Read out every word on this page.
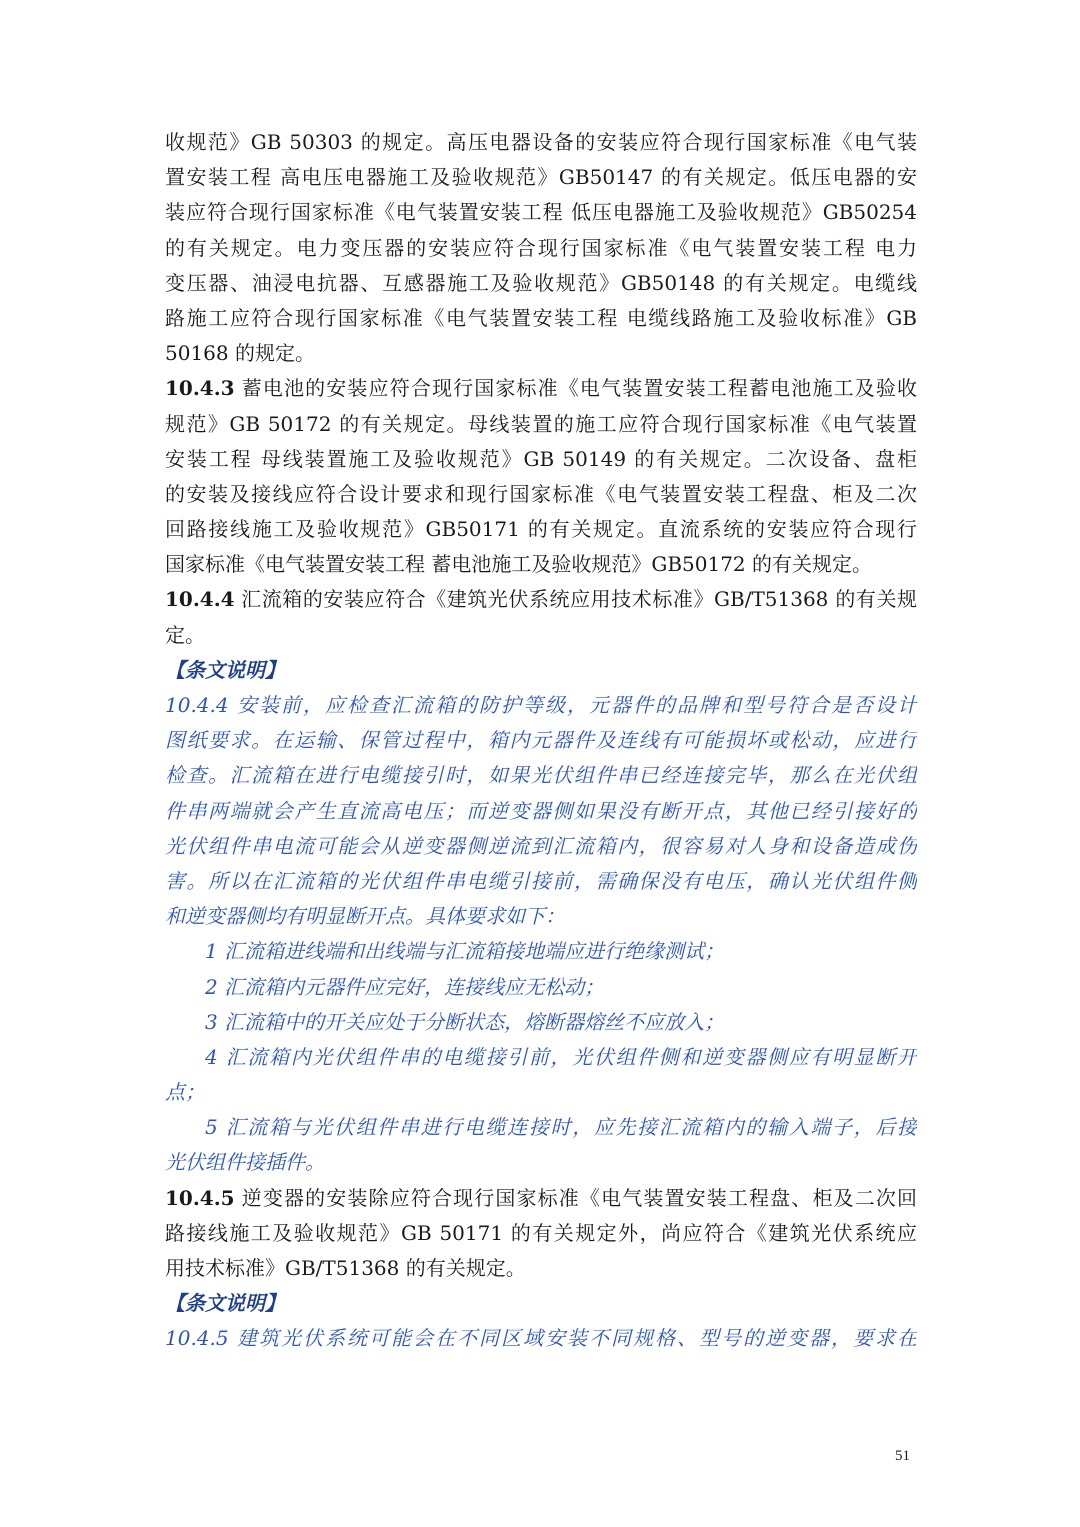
收规范》GB 50303 的规定。高压电器设备的安装应符合现行国家标准《电气装
置安装工程 高电压电器施工及验收规范》GB50147 的有关规定。低压电器的安
装应符合现行国家标准《电气装置安装工程 低压电器施工及验收规范》GB50254
的有关规定。电力变压器的安装应符合现行国家标准《电气装置安装工程 电力
变压器、油浸电抗器、互感器施工及验收规范》GB50148 的有关规定。电缆线
路施工应符合现行国家标准《电气装置安装工程 电缆线路施工及验收标准》GB
50168 的规定。
10.4.3 蓄电池的安装应符合现行国家标准《电气装置安装工程蓄电池施工及验收
规范》GB 50172 的有关规定。母线装置的施工应符合现行国家标准《电气装置
安装工程 母线装置施工及验收规范》GB 50149 的有关规定。二次设备、盘柜
的安装及接线应符合设计要求和现行国家标准《电气装置安装工程盘、柜及二次
回路接线施工及验收规范》GB50171 的有关规定。直流系统的安装应符合现行
国家标准《电气装置安装工程 蓄电池施工及验收规范》GB50172 的有关规定。
10.4.4 汇流箱的安装应符合《建筑光伏系统应用技术标准》GB/T51368 的有关规
定。
【条文说明】
10.4.4 安装前，应检查汇流箱的防护等级，元器件的品牌和型号符合是否设计
图纸要求。在运输、保管过程中，箱内元器件及连线有可能损坏或松动，应进行
检查。汇流箱在进行电缆接引时，如果光伏组件串已经连接完毕，那么在光伏组
件串两端就会产生直流高电压；而逆变器侧如果没有断开点，其他已经引接好的
光伏组件串电流可能会从逆变器侧逆流到汇流箱内，很容易对人身和设备造成伤
害。所以在汇流箱的光伏组件串电缆引接前，需确保没有电压，确认光伏组件侧
和逆变器侧均有明显断开点。具体要求如下：
1 汇流箱进线端和出线端与汇流箱接地端应进行绝缘测试；
2 汇流箱内元器件应完好，连接线应无松动；
3 汇流箱中的开关应处于分断状态，熔断器熔丝不应放入；
4 汇流箱内光伏组件串的电缆接引前，光伏组件侧和逆变器侧应有明显断开
点；
5 汇流箱与光伏组件串进行电缆连接时，应先接汇流箱内的输入端子，后接
光伏组件接插件。
10.4.5 逆变器的安装除应符合现行国家标准《电气装置安装工程盘、柜及二次回
路接线施工及验收规范》GB 50171 的有关规定外，尚应符合《建筑光伏系统应
用技术标准》GB/T51368 的有关规定。
【条文说明】
10.4.5 建筑光伏系统可能会在不同区域安装不同规格、型号的逆变器，要求在
51
